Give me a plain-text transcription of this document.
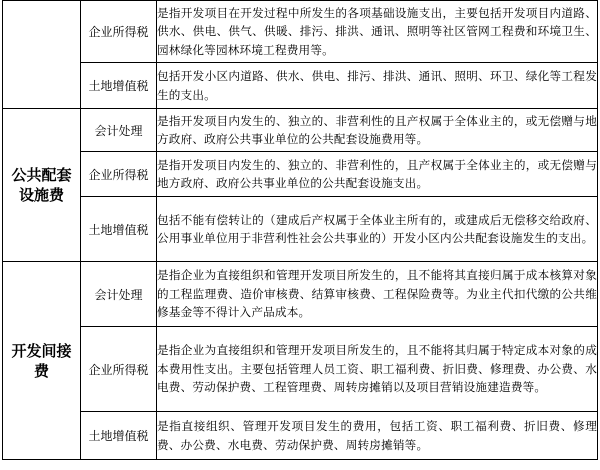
	企业所得税	是指开发项目在开发过程中所发生的各项基础设施支出，主要包括开发项目内道路、供水、供电、供气、供暖、排污、排洪、通讯、照明等社区管网工程费和环境卫生、园林绿化等园林环境工程费用等。
	土地增值税	包括开发小区内道路、供水、供电、排污、排洪、通讯、照明、环卫、绿化等工程发生的支出。
公共配套设施费	会计处理	是指开发项目内发生的、独立的、非营利性的且产权属于全体业主的，或无偿赠与地方政府、政府公共事业单位的公共配套设施费用等。
	企业所得税	是指开发项目内发生的、独立的、非营利性的，且产权属于全体业主的，或无偿赠与地方政府、政府公共事业单位的公共配套设施支出。
	土地增值税	包括不能有偿转让的（建成后产权属于全体业主所有的，或建成后无偿移交给政府、公用事业单位用于非营利性社会公共事业的）开发小区内公共配套设施发生的支出。
开发间接费	会计处理	是指企业为直接组织和管理开发项目所发生的，且不能将其直接归属于成本核算对象的工程监理费、造价审核费、结算审核费、工程保险费等。为业主代扣代缴的公共维修基金等不得计入产品成本。
	企业所得税	是指企业为直接组织和管理开发项目所发生的，且不能将其归属于特定成本对象的成本费用性支出。主要包括管理人员工资、职工福利费、折旧费、修理费、办公费、水电费、劳动保护费、工程管理费、周转房摊销以及项目营销设施建造费等。
	土地增值税	是指直接组织、管理开发项目发生的费用，包括工资、职工福利费、折旧费、修理费、办公费、水电费、劳动保护费、周转房摊销等。
